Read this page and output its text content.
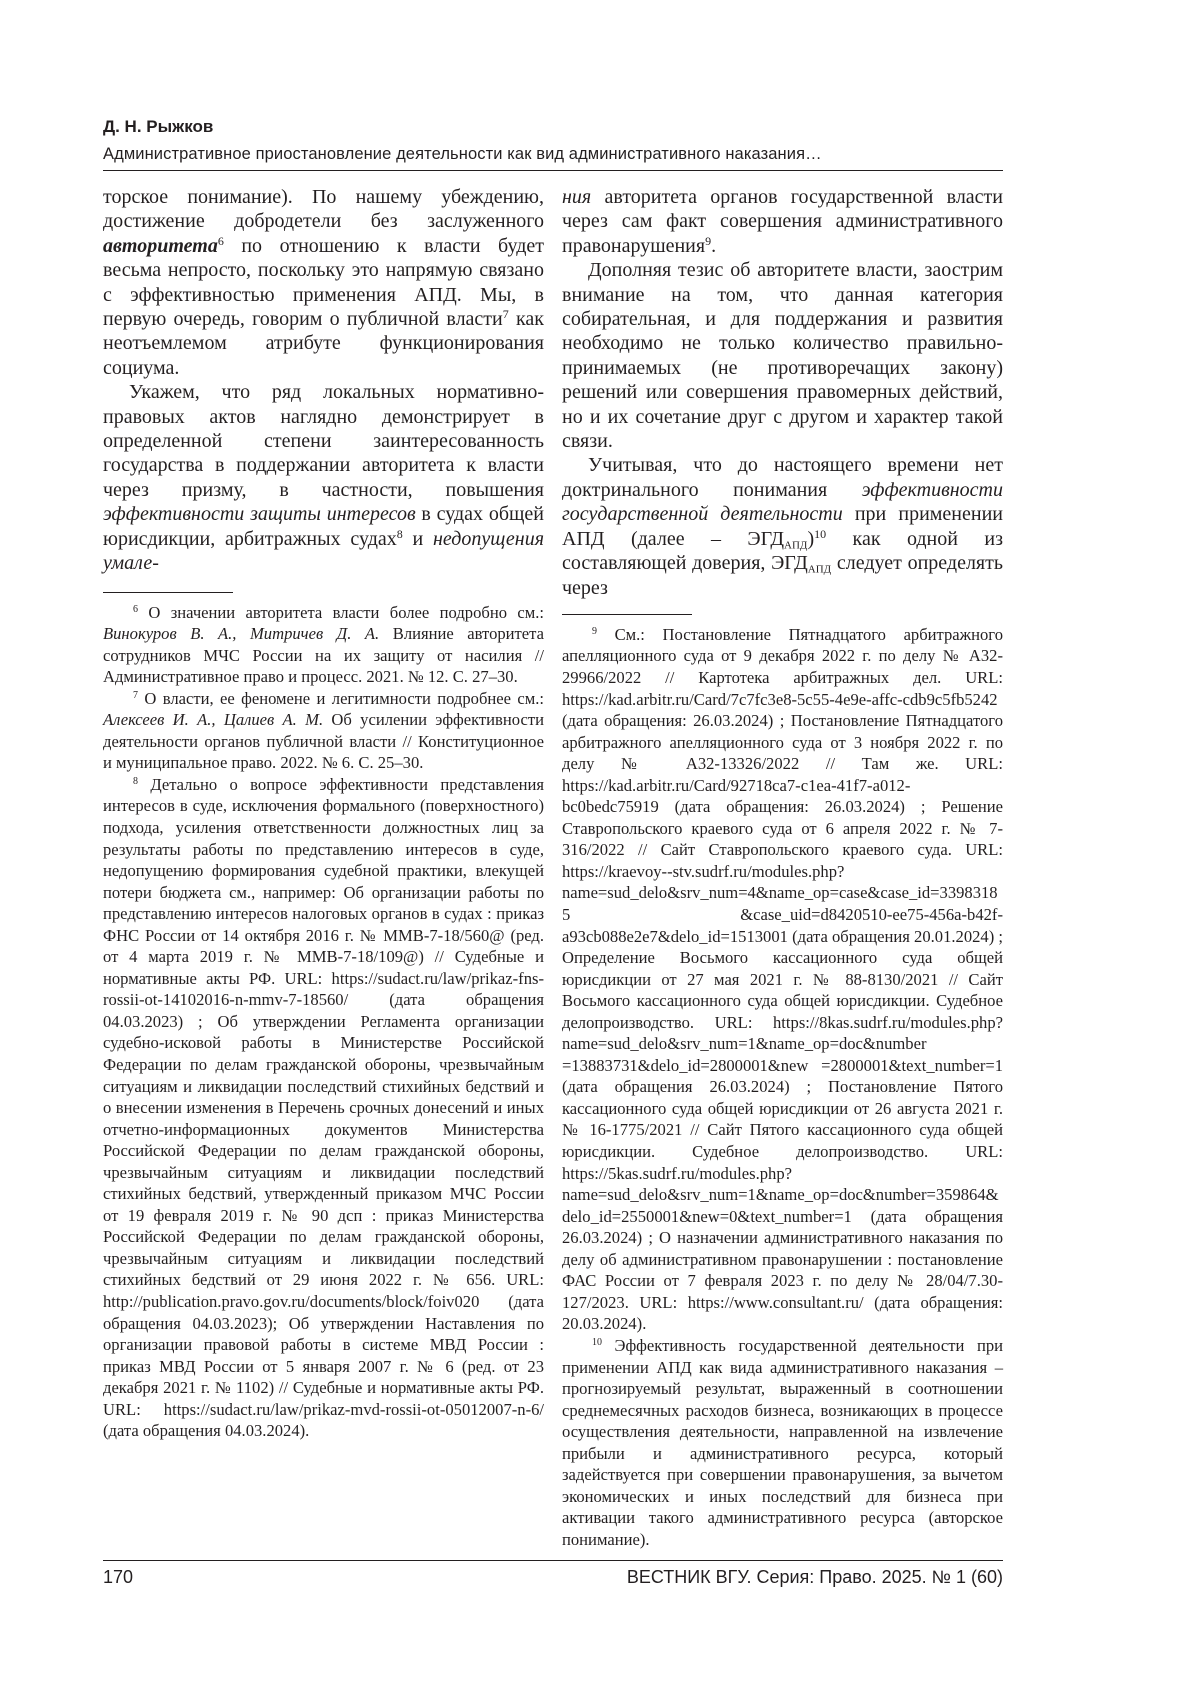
Д. Н. Рыжков
Административное приостановление деятельности как вид административного наказания…

торское понимание). По нашему убеждению, достижение добродетели без заслуженного авторитета6 по отношению к власти будет весьма непросто, поскольку это напрямую связано с эффективностью применения АПД. Мы, в первую очередь, говорим о публичной власти7 как неотъемлемом атрибуте функционирования социума.

Укажем, что ряд локальных нормативно-правовых актов наглядно демонстрирует в определенной степени заинтересованность государства в поддержании авторитета к власти через призму, в частности, повышения эффективности защиты интересов в судах общей юрисдикции, арбитражных судах8 и недопущения умале-

6 О значении авторитета власти более подробно см.: Винокуров В. А., Митричев Д. А. Влияние авторитета сотрудников МЧС России на их защиту от насилия // Административное право и процесс. 2021. № 12. С. 27–30.

7 О власти, ее феномене и легитимности подробнее см.: Алексеев И. А., Цалиев А. М. Об усилении эффективности деятельности органов публичной власти // Конституционное и муниципальное право. 2022. № 6. С. 25–30.

8 Детально о вопросе эффективности представления интересов в суде, исключения формального (поверхностного) подхода, усиления ответственности должностных лиц за результаты работы по представлению интересов в суде, недопущению формирования судебной практики, влекущей потери бюджета см., например: Об организации работы по представлению интересов налоговых органов в судах : приказ ФНС России от 14 октября 2016 г. № ММВ-7-18/560@ (ред. от 4 марта 2019 г. № ММВ-7-18/109@) // Судебные и нормативные акты РФ. URL: https://sudact.ru/law/prikaz-fns-rossii-ot-14102016-n-mmv-7-18560/ (дата обращения 04.03.2023) ; Об утверждении Регламента организации судебно-исковой работы в Министерстве Российской Федерации по делам гражданской обороны, чрезвычайным ситуациям и ликвидации последствий стихийных бедствий и о внесении изменения в Перечень срочных донесений и иных отчетно-информационных документов Министерства Российской Федерации по делам гражданской обороны, чрезвычайным ситуациям и ликвидации последствий стихийных бедствий, утвержденный приказом МЧС России от 19 февраля 2019 г. № 90 дсп : приказ Министерства Российской Федерации по делам гражданской обороны, чрезвычайным ситуациям и ликвидации последствий стихийных бедствий от 29 июня 2022 г. № 656. URL: http://publication.pravo.gov.ru/documents/block/foiv020 (дата обращения 04.03.2023); Об утверждении Наставления по организации правовой работы в системе МВД России : приказ МВД России от 5 января 2007 г. № 6 (ред. от 23 декабря 2021 г. № 1102) // Судебные и нормативные акты РФ. URL: https://sudact.ru/law/prikaz-mvd-rossii-ot-05012007-n-6/ (дата обращения 04.03.2024).

ния авторитета органов государственной власти через сам факт совершения административного правонарушения9.

Дополняя тезис об авторитете власти, заострим внимание на том, что данная категория собирательная, и для поддержания и развития необходимо не только количество правильно-принимаемых (не противоречащих закону) решений или совершения правомерных действий, но и их сочетание друг с другом и характер такой связи.

Учитывая, что до настоящего времени нет доктринального понимания эффективности государственной деятельности при применении АПД (далее – ЭГДАПД)10 как одной из составляющей доверия, ЭГДАПД следует определять через

9 См.: Постановление Пятнадцатого арбитражного апелляционного суда от 9 декабря 2022 г. по делу № А32-29966/2022 // Картотека арбитражных дел. URL: https://kad.arbitr.ru/Card/7c7fc3e8-5c55-4e9e-affc-cdb9c5fb5242 (дата обращения: 26.03.2024) ; Постановление Пятнадцатого арбитражного апелляционного суда от 3 ноября 2022 г. по делу № А32-13326/2022 // Там же. URL: https://kad.arbitr.ru/Card/92718ca7-c1ea-41f7-a012-bc0bedc75919 (дата обращения: 26.03.2024) ; Решение Ставропольского краевого суда от 6 апреля 2022 г. № 7-316/2022 // Сайт Ставропольского краевого суда. URL: https://kraevoy--stv.sudrf.ru/modules.php?name=sud_delo&srv_num=4&name_op=case&case_id=33983185 &case_uid=d8420510-ee75-456a-b42f-a93cb088e2e7&delo_id=1513001 (дата обращения 20.01.2024) ; Определение Восьмого кассационного суда общей юрисдикции от 27 мая 2021 г. № 88-8130/2021 // Сайт Восьмого кассационного суда общей юрисдикции. Судебное делопроизводство. URL: https://8kas.sudrf.ru/modules.php?name=sud_delo&srv_num=1&name_op=doc&number =13883731&delo_id=2800001&new =2800001&text_number=1 (дата обращения 26.03.2024) ; Постановление Пятого кассационного суда общей юрисдикции от 26 августа 2021 г. № 16-1775/2021 // Сайт Пятого кассационного суда общей юрисдикции. Судебное делопроизводство. URL: https://5kas.sudrf.ru/modules.php?name=sud_delo&srv_num=1&name_op=doc&number=359864&delo_id=2550001&new=0&text_number=1 (дата обращения 26.03.2024) ; О назначении административного наказания по делу об административном правонарушении : постановление ФАС России от 7 февраля 2023 г. по делу № 28/04/7.30-127/2023. URL: https://www.consultant.ru/ (дата обращения: 20.03.2024).

10 Эффективность государственной деятельности при применении АПД как вида административного наказания – прогнозируемый результат, выраженный в соотношении среднемесячных расходов бизнеса, возникающих в процессе осуществления деятельности, направленной на извлечение прибыли и административного ресурса, который задействуется при совершении правонарушения, за вычетом экономических и иных последствий для бизнеса при активации такого административного ресурса (авторское понимание).

170	ВЕСТНИК ВГУ. Серия: Право. 2025. № 1 (60)
